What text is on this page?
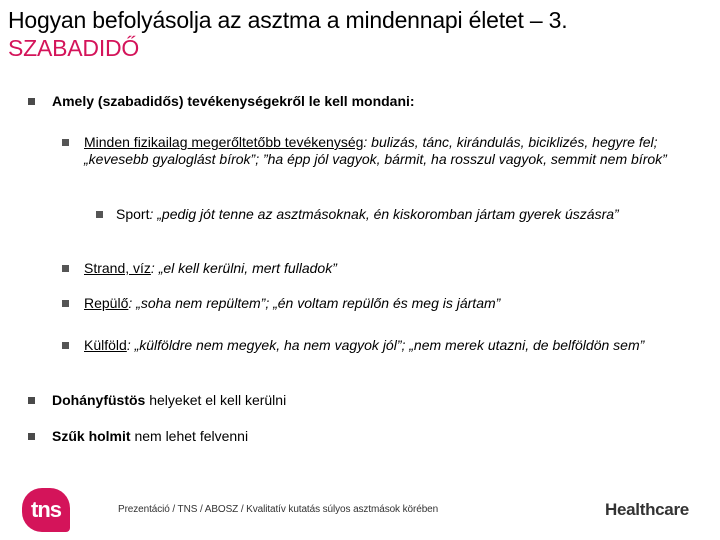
Hogyan befolyásolja az asztma a mindennapi életet – 3.
SZABADIDŐ
Amely (szabadidős) tevékenységekről le kell mondani:
Minden fizikailag megerőltetőbb tevékenység: bulizás, tánc, kirándulás, biciklizés, hegyre fel; „kevesebb gyaloglást bírok”; ”ha épp jól vagyok, bármit, ha rosszul vagyok, semmit nem bírok”
Sport: „pedig jót tenne az asztmásoknak, én kiskoromban jártam gyerek úszásra”
Strand, víz: „el kell kerülni, mert fulladok”
Repülő: „soha nem repültem”; „én voltam repülőn és meg is jártam”
Külföld: „külföldre nem megyek, ha nem vagyok jól”; „nem merek utazni, de belföldön sem”
Dohányfüstös helyeket el kell kerülni
Szűk holmit nem lehet felvenni
tns	Prezentáció / TNS / ABOSZ / Kvalitatív kutatás súlyos asztmások körében	Healthcare
